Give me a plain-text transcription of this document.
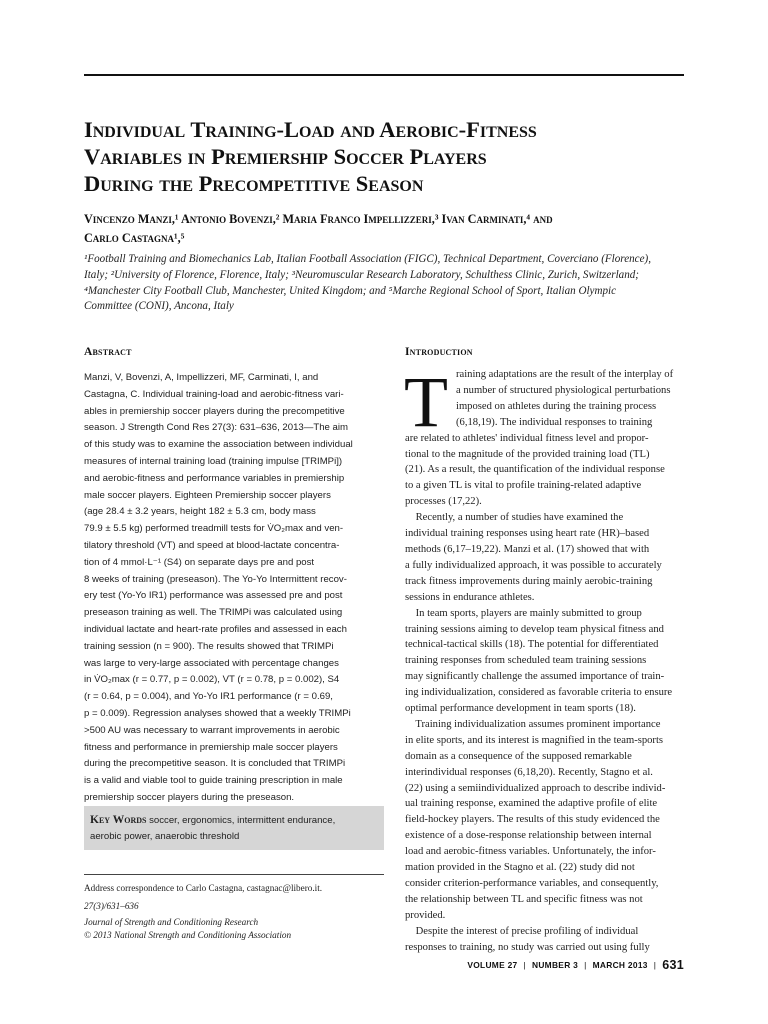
Individual Training-Load and Aerobic-Fitness
Variables in Premiership Soccer Players
During the Precompetitive Season
Vincenzo Manzi,¹ Antonio Bovenzi,² Maria Franco Impellizzeri,³ Ivan Carminati,⁴ and
Carlo Castagna¹,⁵
¹Football Training and Biomechanics Lab, Italian Football Association (FIGC), Technical Department, Coverciano (Florence),
Italy; ²University of Florence, Florence, Italy; ³Neuromuscular Research Laboratory, Schulthess Clinic, Zurich, Switzerland;
⁴Manchester City Football Club, Manchester, United Kingdom; and ⁵Marche Regional School of Sport, Italian Olympic
Committee (CONI), Ancona, Italy
Abstract
Manzi, V, Bovenzi, A, Impellizzeri, MF, Carminati, I, and
Castagna, C. Individual training-load and aerobic-fitness vari-
ables in premiership soccer players during the precompetitive
season. J Strength Cond Res 27(3): 631–636, 2013—The aim
of this study was to examine the association between individual
measures of internal training load (training impulse [TRIMPi])
and aerobic-fitness and performance variables in premiership
male soccer players. Eighteen Premiership soccer players
(age 28.4 ± 3.2 years, height 182 ± 5.3 cm, body mass
79.9 ± 5.5 kg) performed treadmill tests for V̇O₂max and ven-
tilatory threshold (VT) and speed at blood-lactate concentra-
tion of 4 mmol·L⁻¹ (S4) on separate days pre and post
8 weeks of training (preseason). The Yo-Yo Intermittent recov-
ery test (Yo-Yo IR1) performance was assessed pre and post
preseason training as well. The TRIMPi was calculated using
individual lactate and heart-rate profiles and assessed in each
training session (n = 900). The results showed that TRIMPi
was large to very-large associated with percentage changes
in V̇O₂max (r = 0.77, p = 0.002), VT (r = 0.78, p = 0.002), S4
(r = 0.64, p = 0.004), and Yo-Yo IR1 performance (r = 0.69,
p = 0.009). Regression analyses showed that a weekly TRIMPi
>500 AU was necessary to warrant improvements in aerobic
fitness and performance in premiership male soccer players
during the precompetitive season. It is concluded that TRIMPi
is a valid and viable tool to guide training prescription in male
premiership soccer players during the preseason.
Key Words soccer, ergonomics, intermittent endurance,
aerobic power, anaerobic threshold
Address correspondence to Carlo Castagna, castagnac@libero.it.
27(3)/631–636
Journal of Strength and Conditioning Research
© 2013 National Strength and Conditioning Association
Introduction
T raining adaptations are the result of the interplay of
a number of structured physiological perturbations
imposed on athletes during the training process
(6,18,19). The individual responses to training
are related to athletes' individual fitness level and propor-
tional to the magnitude of the provided training load (TL)
(21). As a result, the quantification of the individual response
to a given TL is vital to profile training-related adaptive
processes (17,22).
Recently, a number of studies have examined the
individual training responses using heart rate (HR)–based
methods (6,17–19,22). Manzi et al. (17) showed that with
a fully individualized approach, it was possible to accurately
track fitness improvements during mainly aerobic-training
sessions in endurance athletes.
In team sports, players are mainly submitted to group
training sessions aiming to develop team physical fitness and
technical-tactical skills (18). The potential for differentiated
training responses from scheduled team training sessions
may significantly challenge the assumed importance of train-
ing individualization, considered as favorable criteria to ensure
optimal performance development in team sports (18).
Training individualization assumes prominent importance
in elite sports, and its interest is magnified in the team-sports
domain as a consequence of the supposed remarkable
interindividual responses (6,18,20). Recently, Stagno et al.
(22) using a semiindividualized approach to describe individ-
ual training response, examined the adaptive profile of elite
field-hockey players. The results of this study evidenced the
existence of a dose-response relationship between internal
load and aerobic-fitness variables. Unfortunately, the infor-
mation provided in the Stagno et al. (22) study did not
consider criterion-performance variables, and consequently,
the relationship between TL and specific fitness was not
provided.
Despite the interest of precise profiling of individual
responses to training, no study was carried out using fully
VOLUME 27 | NUMBER 3 | MARCH 2013 | 631
